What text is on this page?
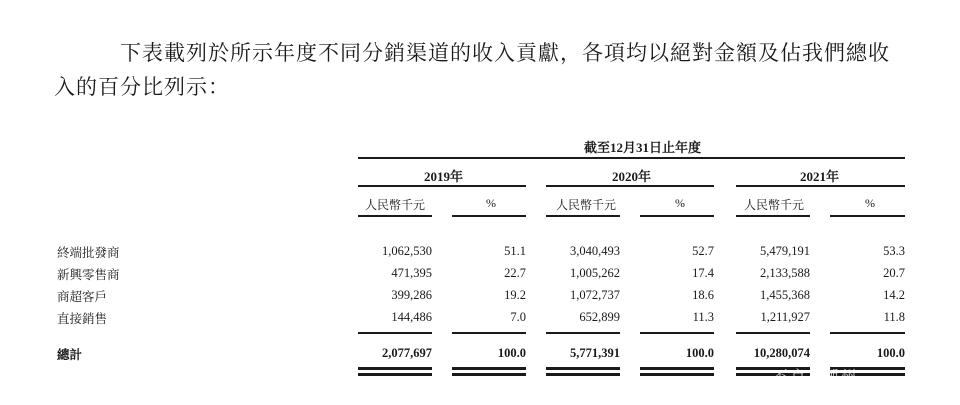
下表載列於所示年度不同分銷渠道的收入貢獻，各項均以絕對金額及佔我們總收
入的百分比列示：
截至12月31日止年度
2019年	2020年	2021年
人民幣千元	%	人民幣千元	%	人民幣千元	%
終端批發商	1,062,530	51.1	3,040,493	52.7	5,479,191	53.3
新興零售商	471,395	22.7	1,005,262	17.4	2,133,588	20.7
商超客戶	399,286	19.2	1,072,737	18.6	1,455,368	14.2
直接銷售	144,486	7.0	652,899	11.3	1,211,927	11.8
總計	2,077,697	100.0	5,771,391	100.0	10,280,074	100.0
不京 /潮州
